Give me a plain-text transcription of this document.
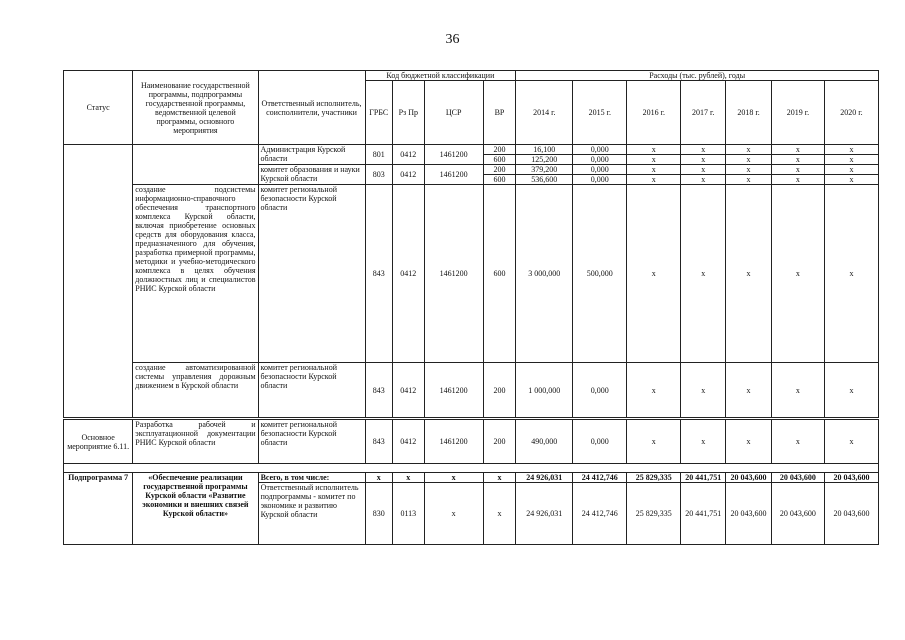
36
Статус	Наименование государственной программы, подпрограммы государственной программы, ведомственной целевой программы, основного мероприятия	Ответственный исполнитель, соисполнители, участники	Код бюджетной классификации				Расходы (тыс. рублей), годы						
			ГРБС	Рз Пр	ЦСР	ВР	2014 г.	2015 г.	2016 г.	2017 г.	2018 г.	2019 г.	2020 г.
		Администрация Курской области	801	0412	1461200	200	16,100	0,000	x	x	x	x	x
						600	125,200	0,000	x	x	x	x	x
		комитет образования и науки Курской области	803	0412	1461200	200	379,200	0,000	x	x	x	x	x
						600	536,600	0,000	x	x	x	x	x
	создание подсистемы информационно-справочного обеспечения транспортного комплекса Курской области, включая приобретение основных средств для оборудования класса, предназначенного для обучения, разработка примерной программы, методики и учебно-методического комплекса в целях обучения должностных лиц и специалистов РНИС Курской области	комитет региональной безопасности Курской области	843	0412	1461200	600	3 000,000	500,000	x	x	x	x	x
	создание автоматизированной системы управления дорожным движением в Курской области	комитет региональной безопасности Курской области	843	0412	1461200	200	1 000,000	0,000	x	x	x	x	x
Основное мероприятие 6.11.	Разработка рабочей и эксплуатационной документации РНИС Курской области	комитет региональной безопасности Курской области	843	0412	1461200	200	490,000	0,000	x	x	x	x	x

Подпрограмма 7	«Обеспечение реализации государственной программы Курской области «Развитие экономики и внешних связей Курской области»	Всего, в том числе:	x	x	x	x	24 926,031	24 412,746	25 829,335	20 441,751	20 043,600	20 043,600	20 043,600
		Ответственный исполнитель подпрограммы - комитет по экономике и развитию Курской области	830	0113	x	x	24 926,031	24 412,746	25 829,335	20 441,751	20 043,600	20 043,600	20 043,600
